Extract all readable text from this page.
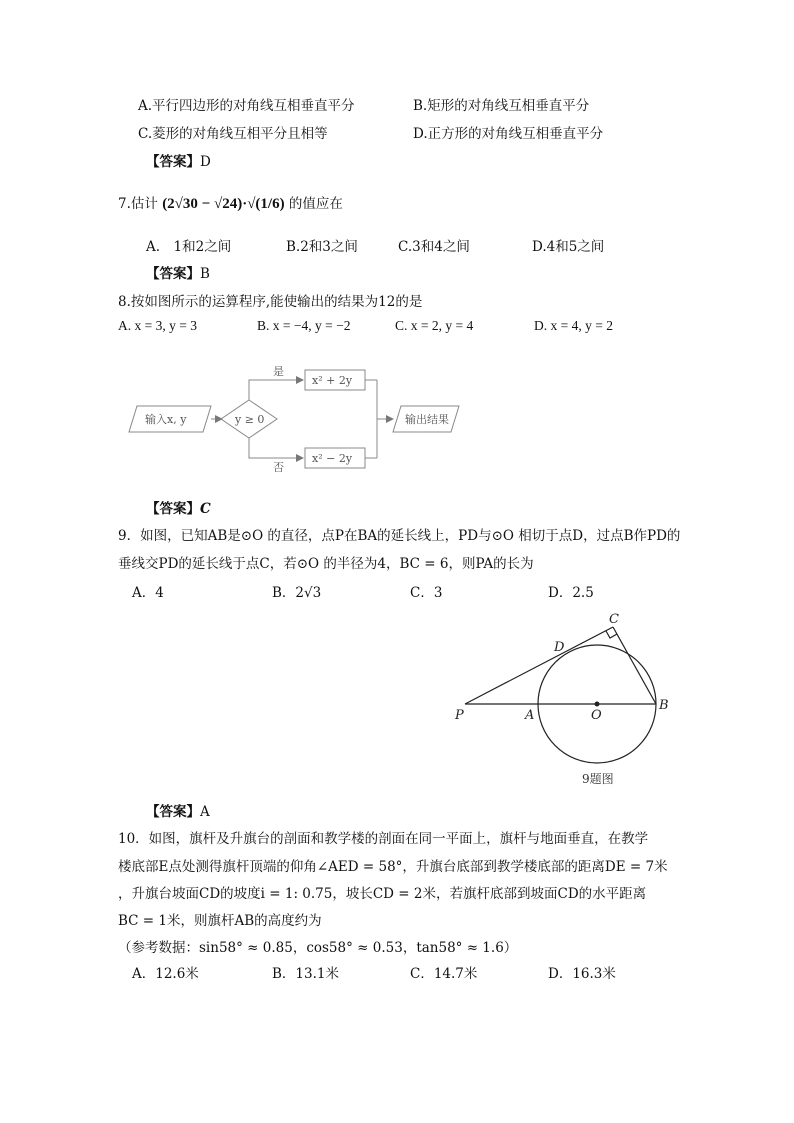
A.平行四边形的对角线互相垂直平分	B.矩形的对角线互相垂直平分
C.菱形的对角线互相平分且相等	D.正方形的对角线互相垂直平分
【答案】D
7.估计 (2√30 − √24)·√(1/6) 的值应在
A.　1和2之间	B.2和3之间	C.3和4之间	D.4和5之间
【答案】B
8.按如图所示的运算程序,能使输出的结果为12的是
A. x = 3, y = 3	B. x = −4, y = −2	C. x = 2, y = 4	D. x = 4, y = 2
输入x, y	y ≥ 0
是
否
x² + 2y
x² − 2y
输出结果
【答案】C
9．如图，已知AB是⊙O 的直径，点P在BA的延长线上，PD与⊙O 相切于点D，过点B作PD的
垂线交PD的延长线于点C，若⊙O 的半径为4，BC = 6，则PA的长为
A．4	B．2√3	C．3	D．2.5
C
D
P	A	O
B
9题图
【答案】A
10．如图，旗杆及升旗台的剖面和教学楼的剖面在同一平面上，旗杆与地面垂直，在教学
楼底部E点处测得旗杆顶端的仰角∠AED = 58°，升旗台底部到教学楼底部的距离DE = 7米
，升旗台坡面CD的坡度i = 1: 0.75，坡长CD = 2米，若旗杆底部到坡面CD的水平距离
BC = 1米，则旗杆AB的高度约为
（参考数据：sin58° ≈ 0.85，cos58° ≈ 0.53，tan58° ≈ 1.6）
A．12.6米	B．13.1米	C．14.7米	D．16.3米
